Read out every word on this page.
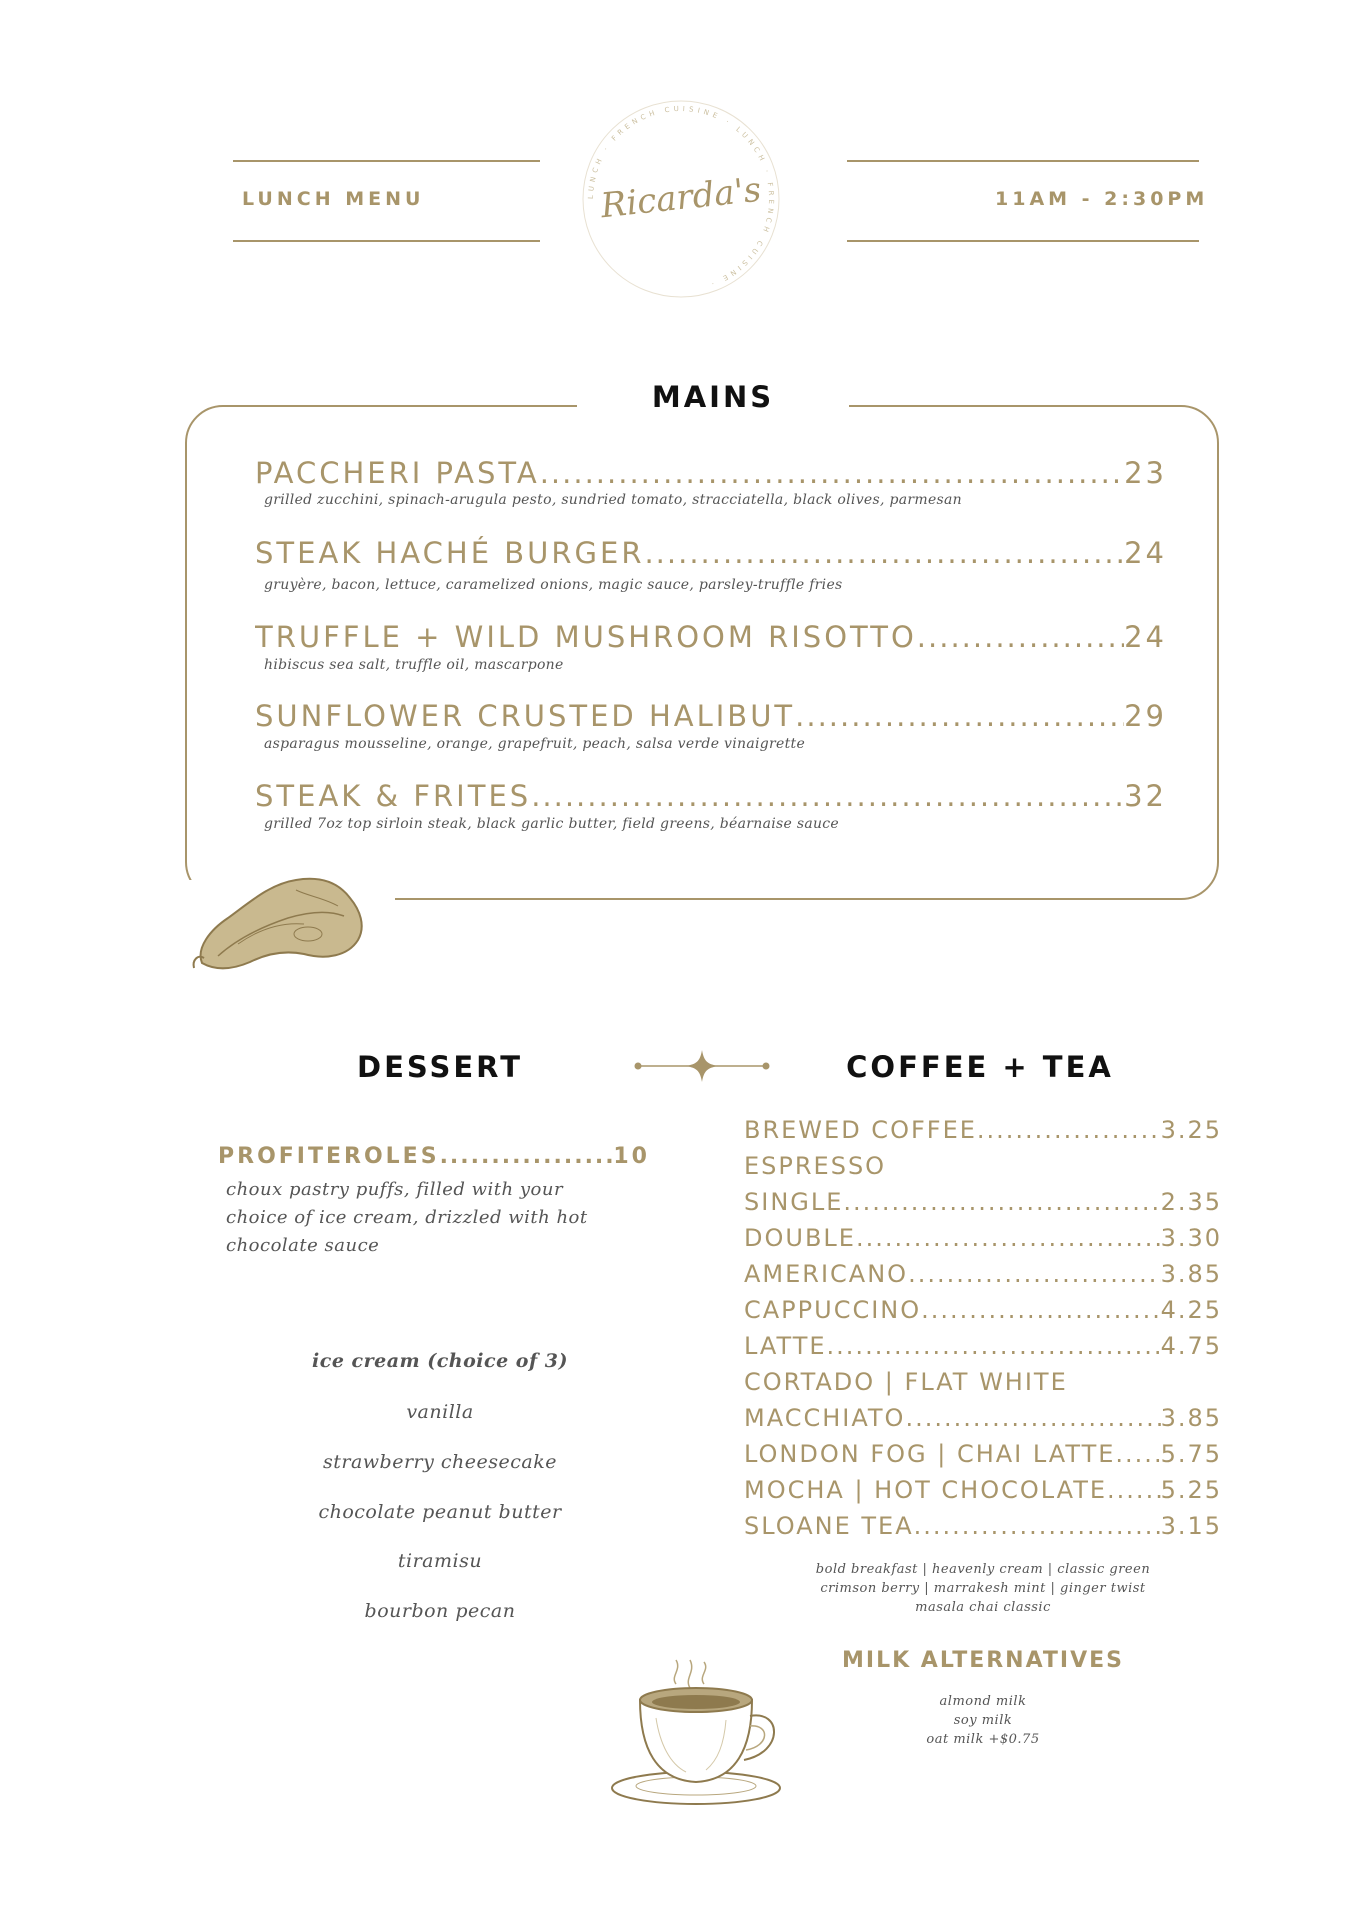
LUNCH MENU	11AM - 2:30PM
LUNCH · FRENCH CUISINE · LUNCH · FRENCH CUISINE ·
Ricarda's
MAINS
PACCHERI PASTA .....	23
grilled zucchini, spinach-arugula pesto, sundried tomato, stracciatella, black olives, parmesan
STEAK HACHÉ BURGER .....	24
gruyère, bacon, lettuce, caramelized onions, magic sauce, parsley-truffle fries
TRUFFLE + WILD MUSHROOM RISOTTO .....	24
hibiscus sea salt, truffle oil, mascarpone
SUNFLOWER CRUSTED HALIBUT .....	29
asparagus mousseline, orange, grapefruit, peach, salsa verde vinaigrette
STEAK & FRITES .....	32
grilled 7oz top sirloin steak, black garlic butter, field greens, béarnaise sauce
DESSERT
PROFITEROLES .....	10
choux pastry puffs, filled with your choice of ice cream, drizzled with hot chocolate sauce
ice cream (choice of 3)
vanilla
strawberry cheesecake
chocolate peanut butter
tiramisu
bourbon pecan
COFFEE + TEA
BREWED COFFEE .....	3.25
ESPRESSO
SINGLE .....	2.35
DOUBLE .....	3.30
AMERICANO .....	3.85
CAPPUCCINO .....	4.25
LATTE .....	4.75
CORTADO | FLAT WHITE
MACCHIATO .....	3.85
LONDON FOG | CHAI LATTE ..... 5.75
MOCHA | HOT CHOCOLATE ..... 5.25
SLOANE TEA .....	3.15
bold breakfast | heavenly cream | classic green
crimson berry | marrakesh mint | ginger twist
masala chai classic
MILK ALTERNATIVES
almond milk
soy milk
oat milk +$0.75
